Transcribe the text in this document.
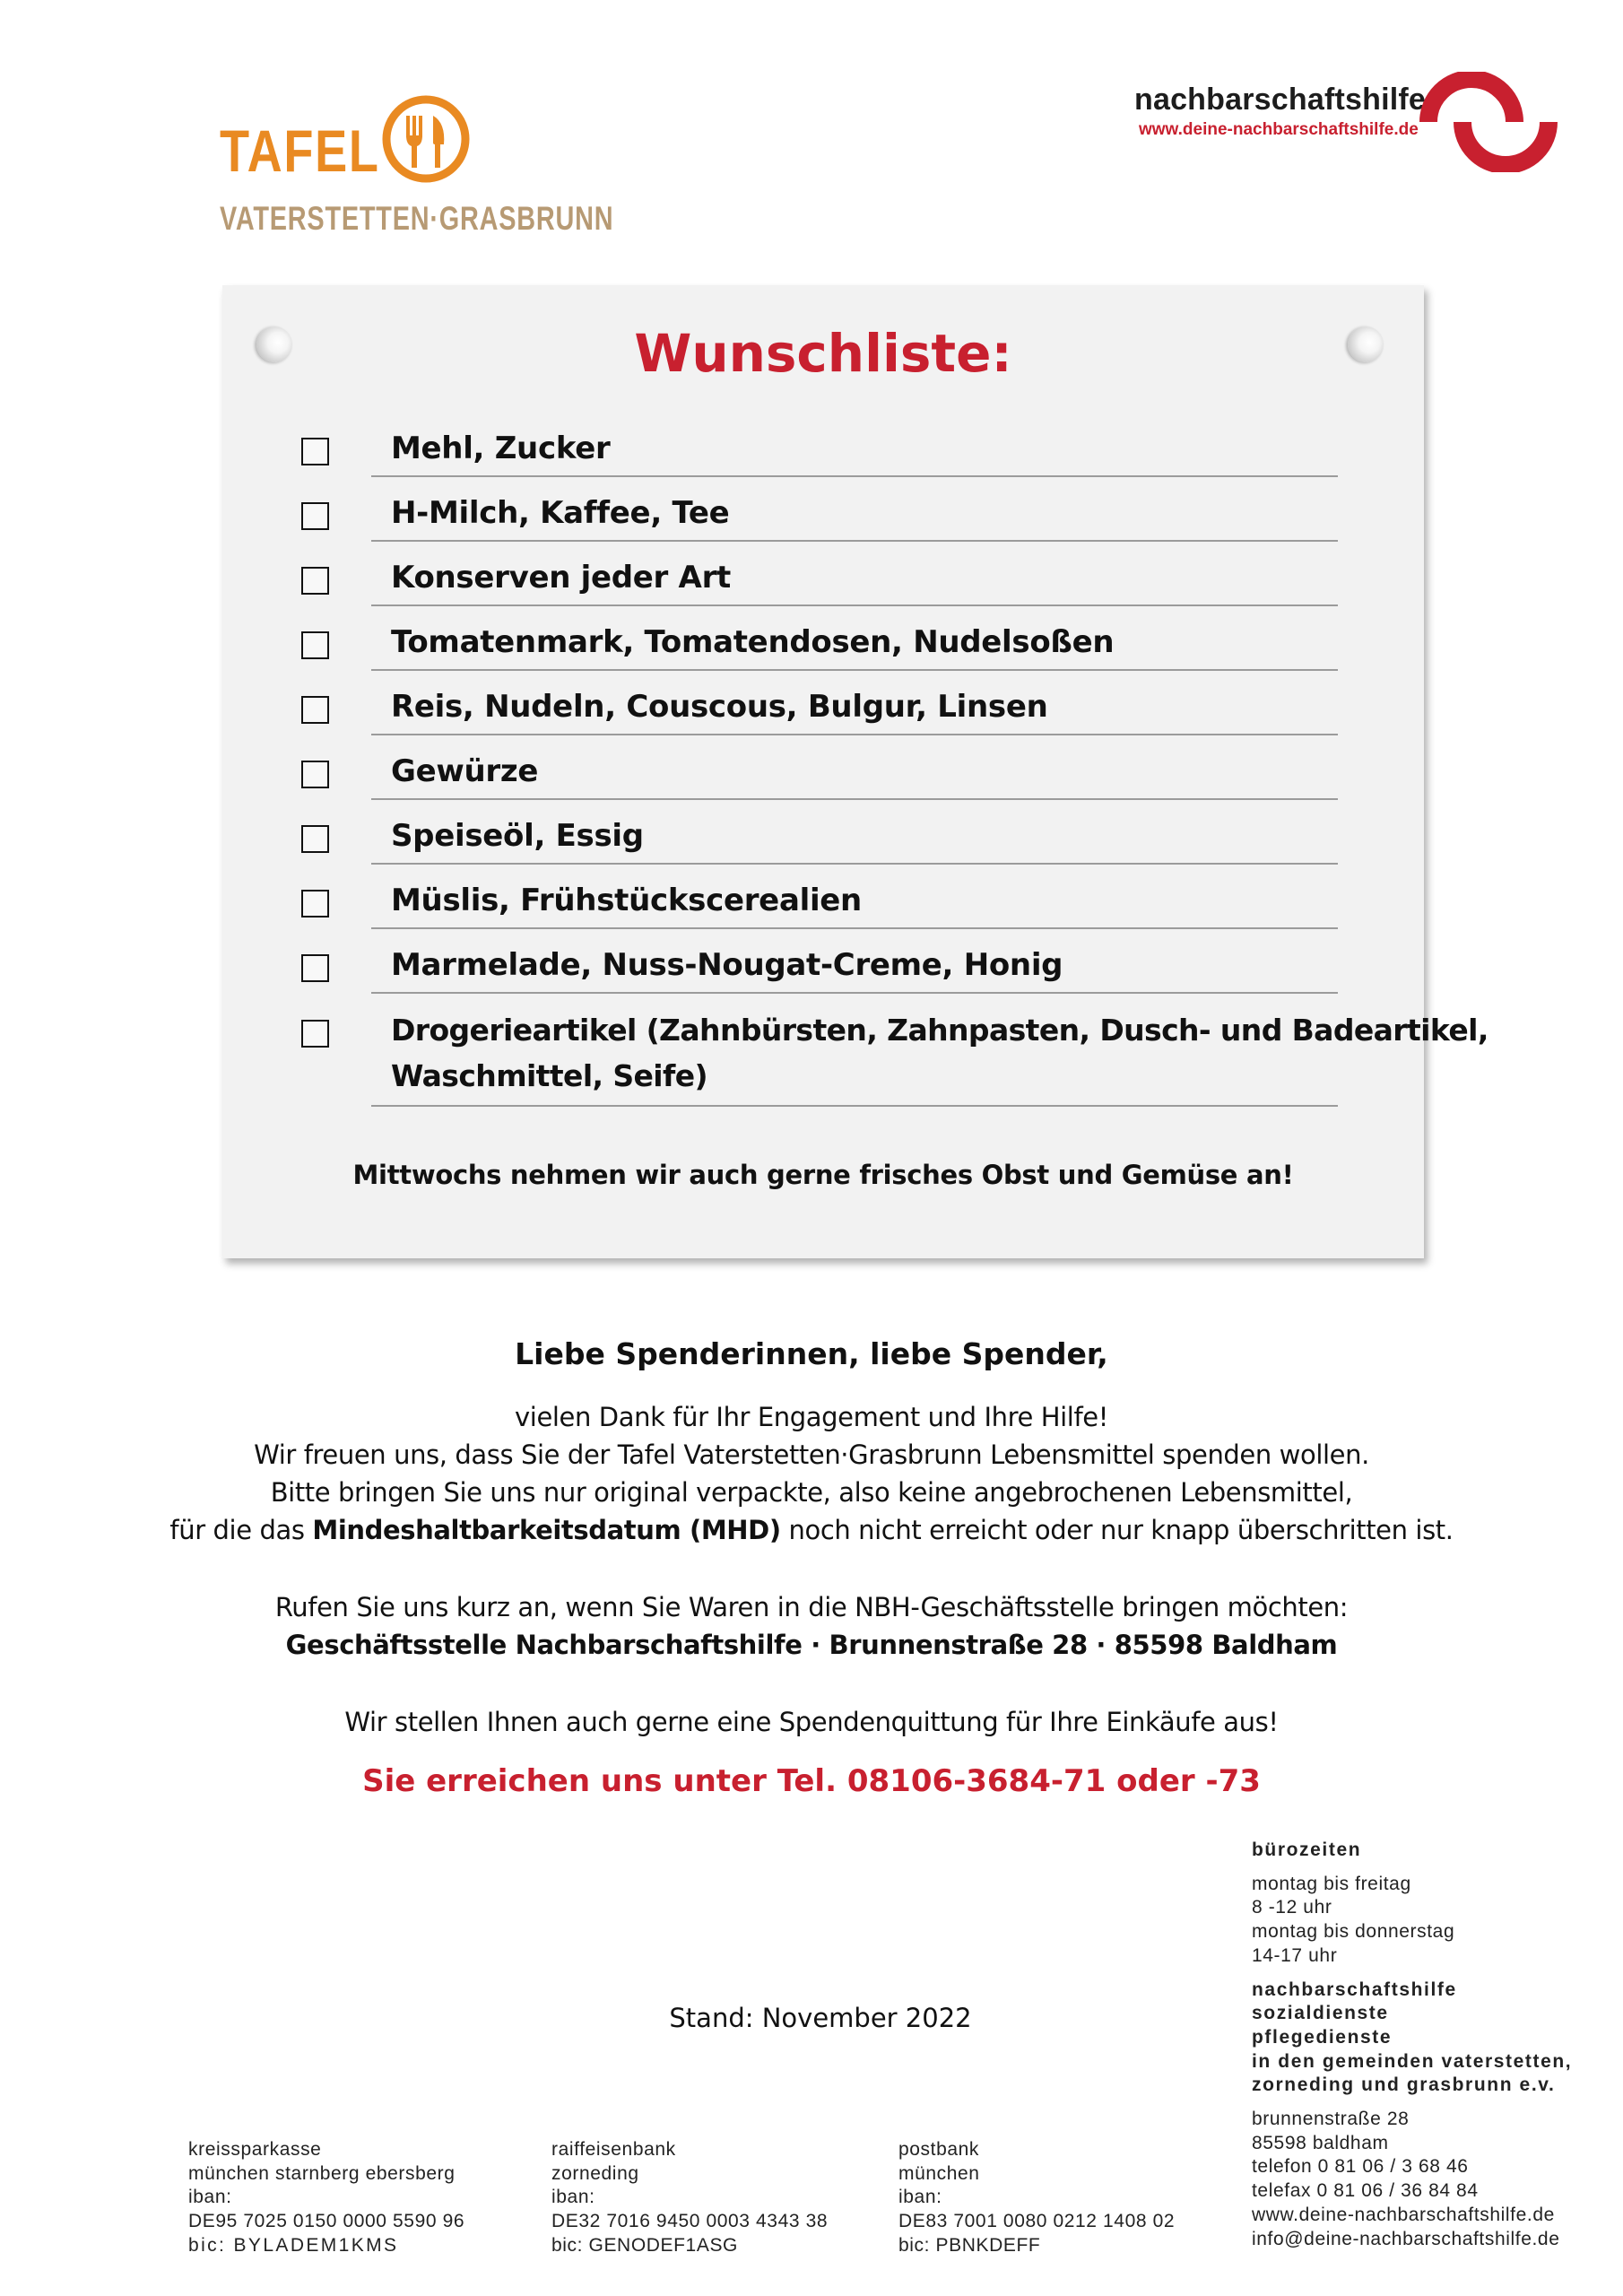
TAFEL
VATERSTETTEN·GRASBRUNN
nachbarschaftshilfe
www.deine-nachbarschaftshilfe.de
Wunschliste:
Mehl, Zucker
H-Milch, Kaffee, Tee
Konserven jeder Art
Tomatenmark, Tomatendosen, Nudelsoßen
Reis, Nudeln, Couscous, Bulgur, Linsen
Gewürze
Speiseöl, Essig
Müslis, Frühstückscerealien
Marmelade, Nuss-Nougat-Creme, Honig
Drogerieartikel (Zahnbürsten, Zahnpasten, Dusch- und Badeartikel,
Waschmittel, Seife)
Mittwochs nehmen wir auch gerne frisches Obst und Gemüse an!
Liebe Spenderinnen, liebe Spender,
vielen Dank für Ihr Engagement und Ihre Hilfe!
Wir freuen uns, dass Sie der Tafel Vaterstetten·Grasbrunn Lebensmittel spenden wollen.
Bitte bringen Sie uns nur original verpackte, also keine angebrochenen Lebensmittel,
für die das Mindeshaltbarkeitsdatum (MHD) noch nicht erreicht oder nur knapp überschritten ist.
Rufen Sie uns kurz an, wenn Sie Waren in die NBH-Geschäftsstelle bringen möchten:
Geschäftsstelle Nachbarschaftshilfe · Brunnenstraße 28 · 85598 Baldham
Wir stellen Ihnen auch gerne eine Spendenquittung für Ihre Einkäufe aus!
Sie erreichen uns unter Tel. 08106-3684-71 oder -73
Stand: November 2022
bürozeiten
montag bis freitag
8 -12 uhr
montag bis donnerstag
14-17 uhr
nachbarschaftshilfe
sozialdienste
pflegedienste
in den gemeinden vaterstetten,
zorneding und grasbrunn e.v.
brunnenstraße 28
85598 baldham
telefon 0 81 06 / 3 68 46
telefax 0 81 06 / 36 84 84
www.deine-nachbarschaftshilfe.de
info@deine-nachbarschaftshilfe.de
kreissparkasse
münchen starnberg ebersberg
iban:
DE95 7025 0150 0000 5590 96
bic: BYLADEM1KMS
raiffeisenbank
zorneding
iban:
DE32 7016 9450 0003 4343 38
bic: GENODEF1ASG
postbank
münchen
iban:
DE83 7001 0080 0212 1408 02
bic: PBNKDEFF
